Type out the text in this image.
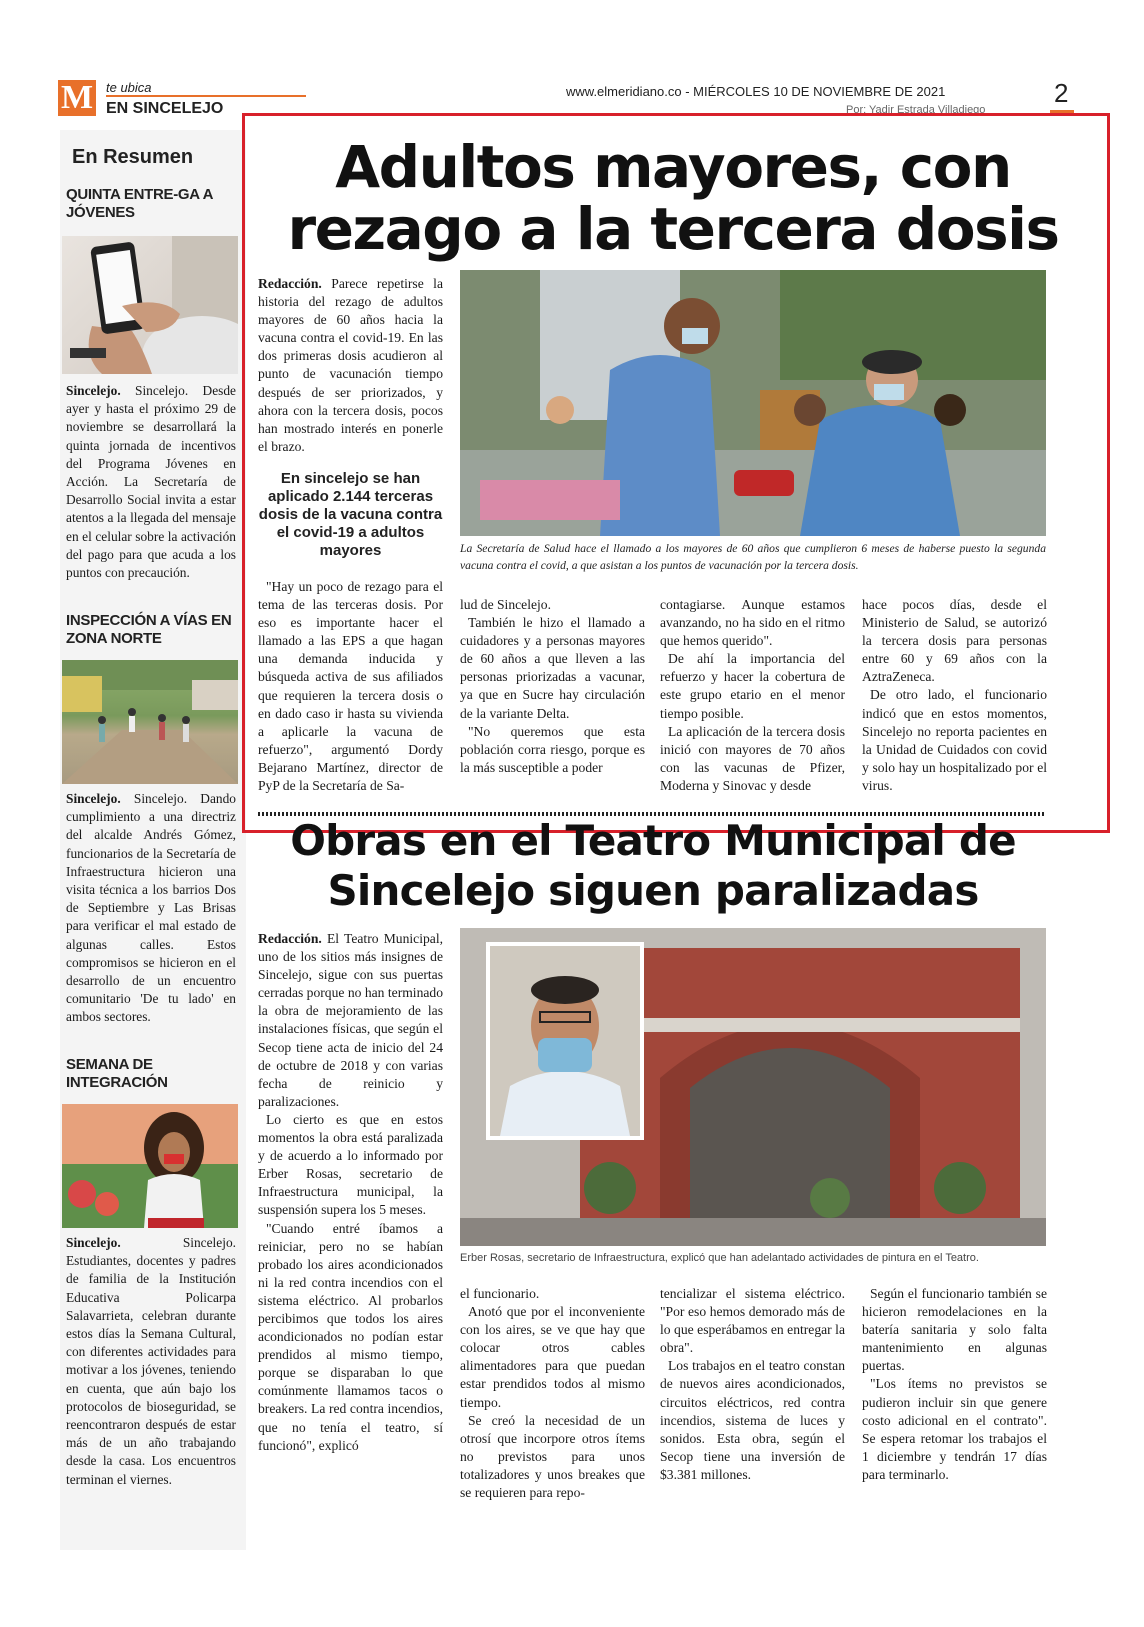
M te ubica
EN SINCELEJO
www.elmeridiano.co - MIÉRCOLES 10 DE NOVIEMBRE DE 2021	2
Por: Yadir Estrada Villadiego
En Resumen
QUINTA ENTRE-GA A JÓVENES
Sincelejo. Sincelejo. Desde ayer y hasta el próximo 29 de noviembre se desarrollará la quinta jornada de incentivos del Programa Jóvenes en Acción. La Secretaría de Desarrollo Social invita a estar atentos a la llegada del mensaje en el celular sobre la activación del pago para que acuda a los puntos con precaución.
INSPECCIÓN A VÍAS EN ZONA NORTE
Sincelejo. Sincelejo. Dando cumplimiento a una directriz del alcalde Andrés Gómez, funcionarios de la Secretaría de Infraestructura hicieron una visita técnica a los barrios Dos de Septiembre y Las Brisas para verificar el mal estado de algunas calles. Estos compromisos se hicieron en el desarrollo de un encuentro comunitario 'De tu lado' en ambos sectores.
SEMANA DE INTEGRACIÓN
Sincelejo.	Sincelejo. Estudiantes, docentes y padres de familia de la Institución Educativa Policarpa Salavarrieta, celebran durante estos días la Semana Cultural, con diferentes actividades para motivar a los jóvenes, teniendo en cuenta, que aún bajo los protocolos de bioseguridad, se reencontraron después de estar más de un año trabajando desde la casa. Los encuentros terminan el viernes.
Adultos mayores, con rezago a la tercera dosis
Redacción. Parece repetirse la historia del rezago de adultos mayores de 60 años hacia la vacuna contra el covid-19. En las dos primeras dosis acudieron al punto de vacunación tiempo después de ser priorizados, y ahora con la tercera dosis, pocos han mostrado interés en ponerle el brazo.
En sincelejo se han aplicado 2.144 terceras dosis de la vacuna contra el covid-19 a adultos mayores	La Secretaría de Salud hace el llamado a los mayores de 60 años que cumplieron 6 meses de haberse puesto la segunda vacuna contra el covid, a que asistan a los puntos de vacunación por la tercera dosis.

"Hay un poco de rezago para el tema de las terceras dosis. Por eso es importante hacer el llamado a las EPS a que hagan una demanda inducida y búsqueda activa de sus afiliados que requieren la tercera dosis o en dado caso ir hasta su vivienda a aplicarle la vacuna de refuerzo", argumentó Dordy Bejarano Martínez, director de PyP de la Secretaría de Sa-

lud de Sincelejo.

También le hizo el llamado a cuidadores y a personas mayores de 60 años a que lleven a las personas priorizadas a vacunar, ya que en Sucre hay circulación de la variante Delta.

"No queremos que esta población corra riesgo, porque es la más susceptible a poder

contagiarse. Aunque estamos avanzando, no ha sido en el ritmo que hemos querido".

De ahí la importancia del refuerzo y hacer la cobertura de este grupo etario en el menor tiempo posible.

La aplicación de la tercera dosis inició con mayores de 70 años con las vacunas de Pfizer, Moderna y Sinovac y desde

hace pocos días, desde el Ministerio de Salud, se autorizó la tercera dosis para personas entre 60 y 69 años con la AztraZeneca.

De otro lado, el funcionario indicó que en estos momentos, Sincelejo no reporta pacientes en la Unidad de Cuidados con covid y solo hay un hospitalizado por el virus.

Obras en el Teatro Municipal de Sincelejo siguen paralizadas

Redacción. El Teatro Municipal, uno de los sitios más insignes de Sincelejo, sigue con sus puertas cerradas porque no han terminado la obra de mejoramiento de las instalaciones físicas, que según el Secop tiene acta de inicio del 24 de octubre de 2018 y con varias fecha de reinicio y paralizaciones.

Lo cierto es que en estos momentos la obra está paralizada y de acuerdo a lo informado por Erber Rosas, secretario de Infraestructura municipal, la suspensión supera los 5 meses.

"Cuando entré íbamos a reiniciar, pero no se habían probado los aires acondicionados ni la red contra incendios con el sistema eléctrico. Al probarlos percibimos que todos los aires acondicionados no podían estar prendidos al mismo tiempo, porque se disparaban lo que comúnmente llamamos tacos o breakers. La red contra incendios, que no tenía el teatro, sí funcionó", explicó

Erber Rosas, secretario de Infraestructura, explicó que han adelantado actividades de pintura en el Teatro.

el funcionario.

Anotó que por el inconveniente con los aires, se ve que hay que colocar otros cables alimentadores para que puedan estar prendidos todos al mismo tiempo.

Se creó la necesidad de un otrosí que incorpore otros ítems no previstos para unos totalizadores y unos breakes que se requieren para repo-

tencializar el sistema eléctrico. "Por eso hemos demorado más de lo que esperábamos en entregar la obra".

Los trabajos en el teatro constan de nuevos aires acondicionados, circuitos eléctricos, red contra incendios, sistema de luces y sonidos. Esta obra, según el Secop tiene una inversión de $3.381 millones.

Según el funcionario también se hicieron remodelaciones en la batería sanitaria y solo falta mantenimiento en algunas puertas.

"Los ítems no previstos se pudieron incluir sin que genere costo adicional en el contrato". Se espera retomar los trabajos el 1 diciembre y tendrán 17 días para terminarlo.
